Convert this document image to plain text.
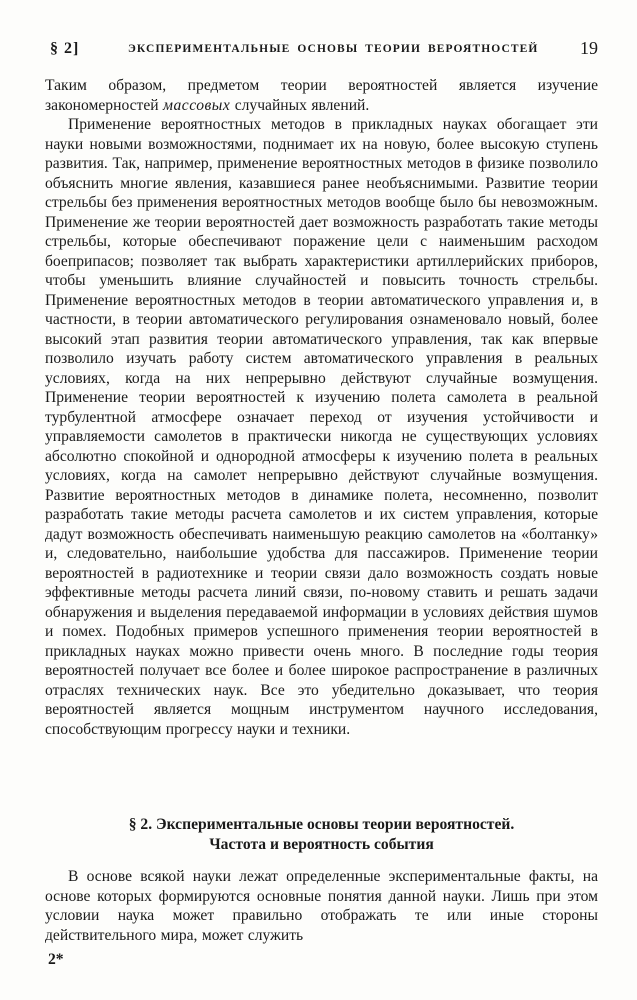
§ 2]	ЭКСПЕРИМЕНТАЛЬНЫЕ ОСНОВЫ ТЕОРИИ ВЕРОЯТНОСТЕЙ 19

Таким образом, предметом теории вероятностей является изучение закономерностей массовых случайных явлений.

Применение вероятностных методов в прикладных науках обогащает эти науки новыми возможностями, поднимает их на новую, более высокую ступень развития. Так, например, применение вероятностных методов в физике позволило объяснить многие явления, казавшиеся ранее необъяснимыми. Развитие теории стрельбы без применения вероятностных методов вообще было бы невозможным. Применение же теории вероятностей дает возможность разработать такие методы стрельбы, которые обеспечивают поражение цели с наименьшим расходом боеприпасов; позволяет так выбрать характеристики артиллерийских приборов, чтобы уменьшить влияние случайностей и повысить точность стрельбы. Применение вероятностных методов в теории автоматического управления и, в частности, в теории автоматического регулирования ознаменовало новый, более высокий этап развития теории автоматического управления, так как впервые позволило изучать работу систем автоматического управления в реальных условиях, когда на них непрерывно действуют случайные возмущения. Применение теории вероятностей к изучению полета самолета в реальной турбулентной атмосфере означает переход от изучения устойчивости и управляемости самолетов в практически никогда не существующих условиях абсолютно спокойной и однородной атмосферы к изучению полета в реальных условиях, когда на самолет непрерывно действуют случайные возмущения. Развитие вероятностных методов в динамике полета, несомненно, позволит разработать такие методы расчета самолетов и их систем управления, которые дадут возможность обеспечивать наименьшую реакцию самолетов на «болтанку» и, следовательно, наибольшие удобства для пассажиров. Применение теории вероятностей в радиотехнике и теории связи дало возможность создать новые эффективные методы расчета линий связи, по-новому ставить и решать задачи обнаружения и выделения передаваемой информации в условиях действия шумов и помех. Подобных примеров успешного применения теории вероятностей в прикладных науках можно привести очень много. В последние годы теория вероятностей получает все более и более широкое распространение в различных отраслях технических наук. Все это убедительно доказывает, что теория вероятностей является мощным инструментом научного исследования, способствующим прогрессу науки и техники.

§ 2. Экспериментальные основы теории вероятностей.
Частота и вероятность события

В основе всякой науки лежат определенные экспериментальные факты, на основе которых формируются основные понятия данной науки. Лишь при этом условии наука может правильно отображать те или иные стороны действительного мира, может служить

2*
